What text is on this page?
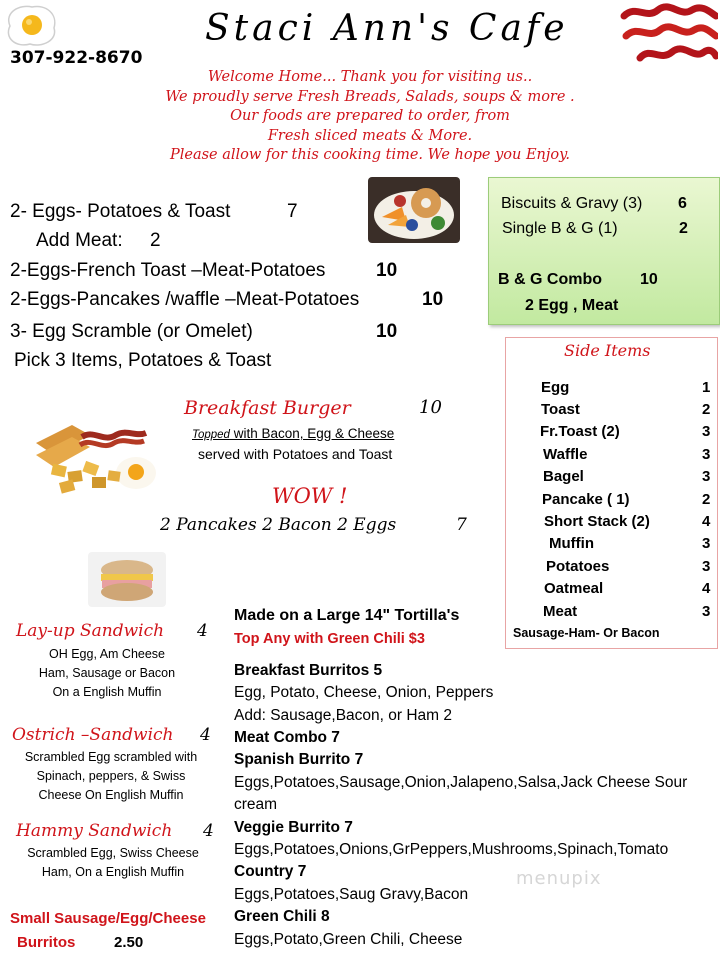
Staci Ann's Cafe
307-922-8670
Welcome Home... Thank you for visiting us..
We proudly serve Fresh Breads, Salads, soups & more .
Our foods are prepared to order, from
Fresh sliced meats & More.
Please allow for this cooking time. We hope you Enjoy.
2- Eggs- Potatoes & Toast	7
Add Meat: 2
2-Eggs-French Toast –Meat-Potatoes	10
2-Eggs-Pancakes /waffle –Meat-Potatoes	10
3- Egg Scramble (or Omelet)	10
Pick 3 Items, Potatoes & Toast
Biscuits & Gravy (3) 6
Single B & G (1)	2
B & G Combo 10
2 Egg , Meat
Side Items
Egg	1
Toast	2
Fr.Toast (2)	3
Waffle	3
Bagel	3
Pancake ( 1)	2
Short Stack (2)	4
Muffin	3
Potatoes	3
Oatmeal	4
Meat	3
Sausage-Ham- Or Bacon
Breakfast Burger	10
Topped with Bacon, Egg & Cheese
served with Potatoes and Toast
WOW !
2 Pancakes 2 Bacon 2 Eggs	7
Lay-up Sandwich 4
OH Egg, Am Cheese
Ham, Sausage or Bacon
On a English Muffin
Ostrich –Sandwich 4
Scrambled Egg scrambled with
Spinach, peppers, & Swiss
Cheese On English Muffin
Hammy Sandwich 4
Scrambled Egg, Swiss Cheese
Ham, On a English Muffin
Small Sausage/Egg/Cheese
Burritos	2.50
Made on a Large 14" Tortilla's
Top Any with Green Chili $3
Breakfast Burritos 5
Egg, Potato, Cheese, Onion, Peppers
Add: Sausage,Bacon, or Ham 2
Meat Combo 7
Spanish Burrito 7
Eggs,Potatoes,Sausage,Onion,Jalapeno,Salsa,Jack Cheese Sour
cream
Veggie Burrito 7
Eggs,Potatoes,Onions,GrPeppers,Mushrooms,Spinach,Tomato
Country 7
Eggs,Potatoes,Saug Gravy,Bacon
Green Chili 8
Eggs,Potato,Green Chili, Cheese
menupix
